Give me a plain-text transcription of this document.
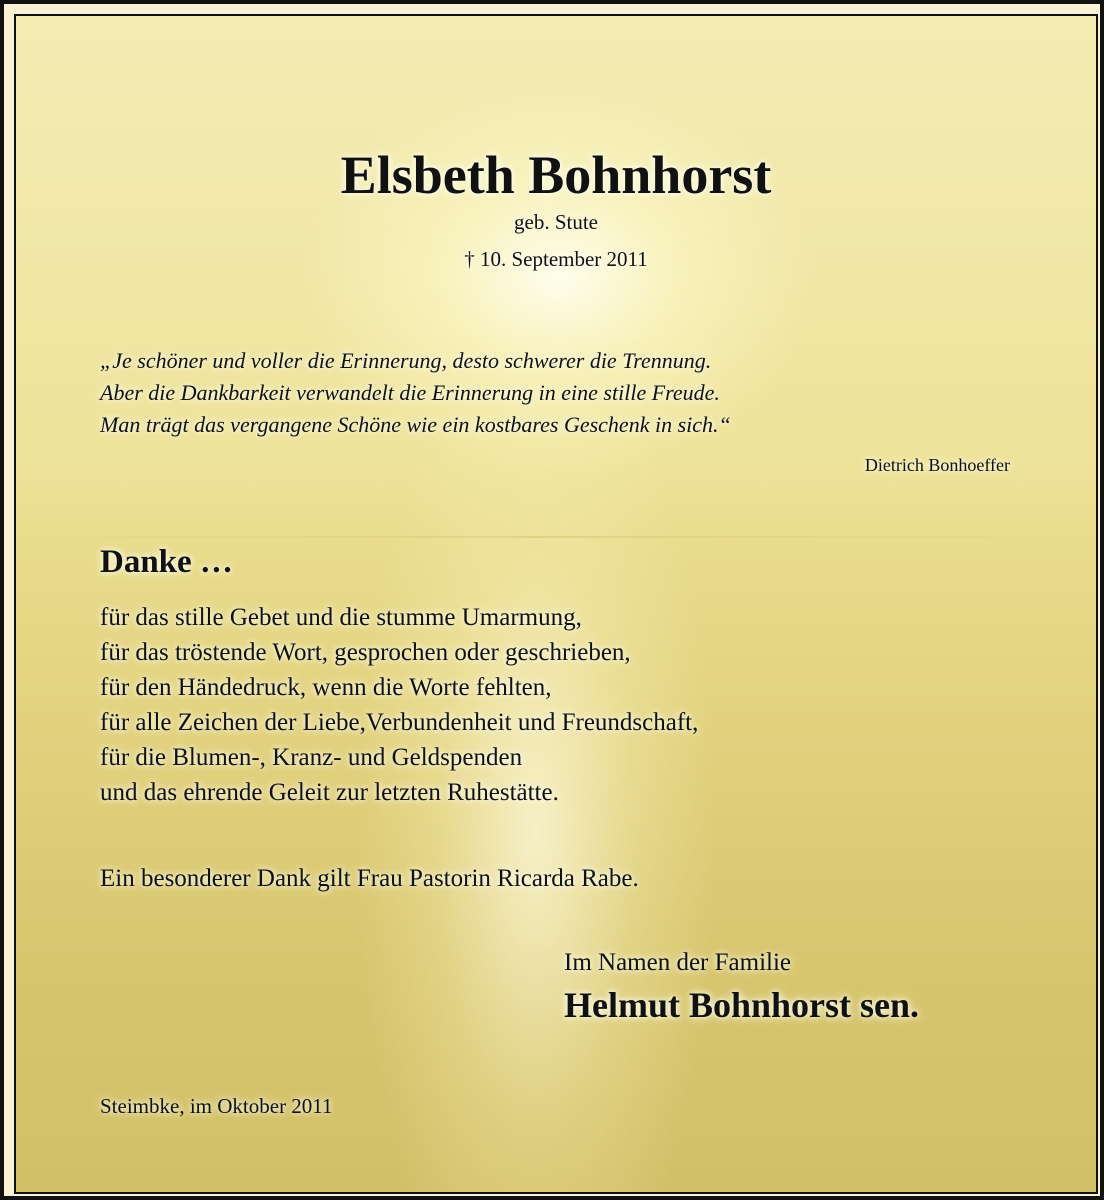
Elsbeth Bohnhorst
geb. Stute
† 10. September 2011
„Je schöner und voller die Erinnerung, desto schwerer die Trennung.
Aber die Dankbarkeit verwandelt die Erinnerung in eine stille Freude.
Man trägt das vergangene Schöne wie ein kostbares Geschenk in sich.“
Dietrich Bonhoeffer
Danke …
für das stille Gebet und die stumme Umarmung,
für das tröstende Wort, gesprochen oder geschrieben,
für den Händedruck, wenn die Worte fehlten,
für alle Zeichen der Liebe,Verbundenheit und Freundschaft,
für die Blumen-, Kranz- und Geldspenden
und das ehrende Geleit zur letzten Ruhestätte.
Ein besonderer Dank gilt Frau Pastorin Ricarda Rabe.
Im Namen der Familie
Helmut Bohnhorst sen.
Steimbke, im Oktober 2011
